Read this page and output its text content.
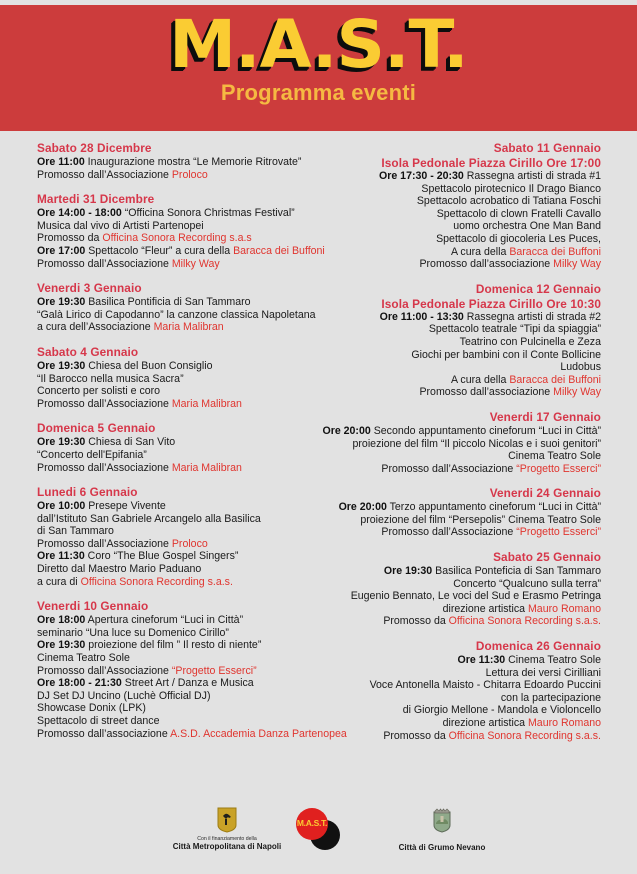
M.A.S.T.
Programma eventi
Sabato 28 Dicembre
Ore 11:00 Inaugurazione mostra “Le Memorie Ritrovate”
Promosso dall’Associazione Proloco
Martedi 31 Dicembre
Ore 14:00 - 18:00 “Officina Sonora Christmas Festival”
Musica dal vivo di Artisti Partenopei
Promosso da Officina Sonora Recording s.a.s
Ore 17:00 Spettacolo “Fleur” a cura della Baracca dei Buffoni
Promosso dall’Associazione Milky Way
Venerdi 3 Gennaio
Ore 19:30 Basilica Pontificia di San Tammaro
“Galà Lirico di Capodanno” la canzone classica Napoletana
a cura dell’Associazione Maria Malibran
Sabato 4 Gennaio
Ore 19:30 Chiesa del Buon Consiglio
“Il Barocco nella musica Sacra”
Concerto per solisti e coro
Promosso dall’Associazione Maria Malibran
Domenica 5 Gennaio
Ore 19:30 Chiesa di San Vito
“Concerto dell'Epifania”
Promosso dall’Associazione Maria Malibran
Lunedi 6 Gennaio
Ore 10:00 Presepe Vivente
dall’Istituto San Gabriele Arcangelo alla Basilica
di San Tammaro
Promosso dall’Associazione Proloco
Ore 11:30 Coro “The Blue Gospel Singers”
Diretto dal Maestro Mario Paduano
a cura di Officina Sonora Recording s.a.s.
Venerdi 10 Gennaio
Ore 18:00 Apertura cineforum “Luci in Città”
seminario “Una luce su Domenico Cirillo”
Ore 19:30 proiezione del film ” Il resto di niente”
Cinema Teatro Sole
Promosso dall’Associazione “Progetto Esserci”
Ore 18:00 - 21:30 Street Art / Danza e Musica
DJ Set DJ Uncino (Luchè Official DJ)
Showcase Donix (LPK)
Spettacolo di street dance
Promosso dall’associazione A.S.D. Accademia Danza Partenopea
Sabato 11 Gennaio
Isola Pedonale Piazza Cirillo Ore 17:00
Ore 17:30 - 20:30 Rassegna artisti di strada #1
Spettacolo pirotecnico Il Drago Bianco
Spettacolo acrobatico di Tatiana Foschi
Spettacolo di clown Fratelli Cavallo
uomo orchestra One Man Band
Spettacolo di giocoleria Les Puces,
A cura della Baracca dei Buffoni
Promosso dall’associazione Milky Way
Domenica 12 Gennaio
Isola Pedonale Piazza Cirillo Ore 10:30
Ore 11:00 - 13:30 Rassegna artisti di strada #2
Spettacolo teatrale “Tipi da spiaggia”
Teatrino con Pulcinella e Zeza
Giochi per bambini con il Conte Bollicine
Ludobus
A cura della Baracca dei Buffoni
Promosso dall’associazione Milky Way
Venerdi 17 Gennaio
Ore 20:00 Secondo appuntamento cineforum “Luci in Città”
proiezione del film “Il piccolo Nicolas e i suoi genitori”
Cinema Teatro Sole
Promosso dall’Associazione “Progetto Esserci”
Venerdi 24 Gennaio
Ore 20:00 Terzo appuntamento cineforum “Luci in Città”
proiezione del film “Persepolis” Cinema Teatro Sole
Promosso dall’Associazione “Progetto Esserci”
Sabato 25 Gennaio
Ore 19:30 Basilica Ponteficia di San Tammaro
Concerto “Qualcuno sulla terra”
Eugenio Bennato, Le voci del Sud e Erasmo Petringa
direzione artistica Mauro Romano
Promosso da Officina Sonora Recording s.a.s.
Domenica 26 Gennaio
Ore 11:30 Cinema Teatro Sole
Lettura dei versi Cirilliani
Voce Antonella Maisto - Chitarra Edoardo Puccini
con la partecipazione
di Giorgio Mellone - Mandola e Violoncello
direzione artistica Mauro Romano
Promosso da Officina Sonora Recording s.a.s.
Con il finanziamento della
Città Metropolitana di Napoli
M.A.S.T.
Città di Grumo Nevano
